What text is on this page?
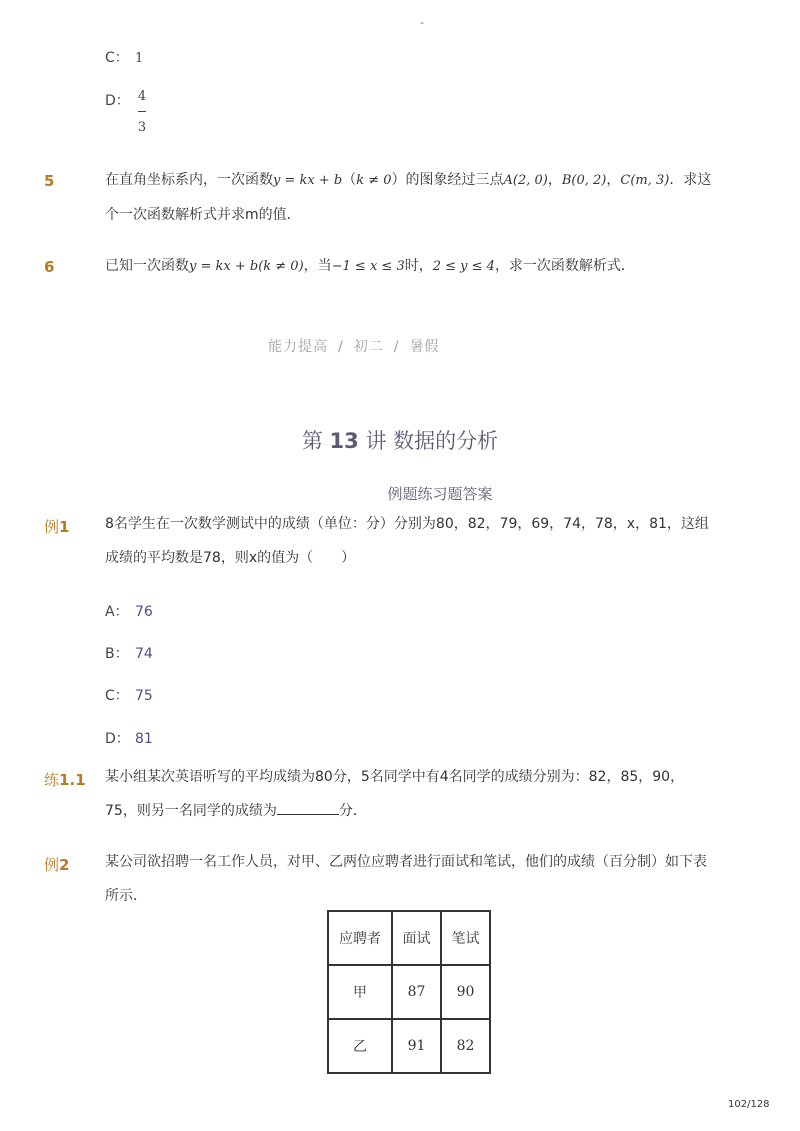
-
C： 1
D： 4
3
5	在直角坐标系内，一次函数y = kx + b（k ≠ 0）的图象经过三点A(2, 0)，B(0, 2)，C(m, 3)．求这个一次函数解析式并求m的值．
6	已知一次函数y = kx + b(k ≠ 0)，当−1 ≤ x ≤ 3时，2 ≤ y ≤ 4，求一次函数解析式．
能力提高 / 初二 / 暑假
第 13 讲 数据的分析
例题练习题答案
例1	8名学生在一次数学测试中的成绩（单位：分）分别为80，82，79，69，74，78，x，81，这组成绩的平均数是78，则x的值为（　　）
A： 76
B： 74
C： 75
D： 81
练1.1 某小组某次英语听写的平均成绩为80分，5名同学中有4名同学的成绩分别为：82，85，90，75，则另一名同学的成绩为	分．
例2	某公司欲招聘一名工作人员，对甲、乙两位应聘者进行面试和笔试，他们的成绩（百分制）如下表所示．
应聘者	面试	笔试
甲	87	90
乙	91	82
102/128
